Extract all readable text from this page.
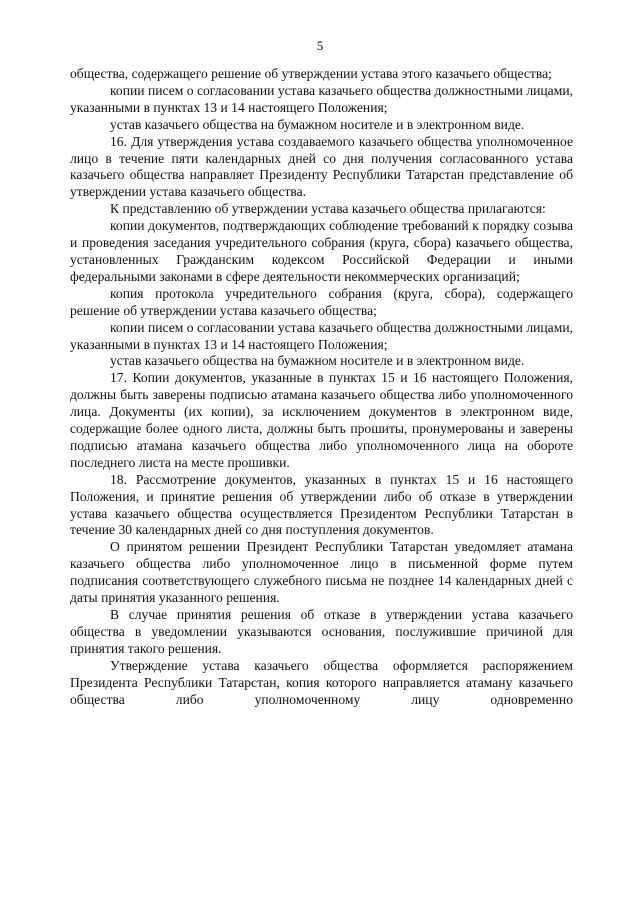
5

общества, содержащего решение об утверждении устава этого казачьего общества;

копии писем о согласовании устава казачьего общества должностными лицами, указанными в пунктах 13 и 14 настоящего Положения;

устав казачьего общества на бумажном носителе и в электронном виде.

16. Для утверждения устава создаваемого казачьего общества уполномоченное лицо в течение пяти календарных дней со дня получения согласованного устава казачьего общества направляет Президенту Республики Татарстан представление об утверждении устава казачьего общества.

К представлению об утверждении устава казачьего общества прилагаются:

копии документов, подтверждающих соблюдение требований к порядку созыва и проведения заседания учредительного собрания (круга, сбора) казачьего общества, установленных Гражданским кодексом Российской Федерации и иными федеральными законами в сфере деятельности некоммерческих организаций;

копия протокола учредительного собрания (круга, сбора), содержащего решение об утверждении устава казачьего общества;

копии писем о согласовании устава казачьего общества должностными лицами, указанными в пунктах 13 и 14 настоящего Положения;

устав казачьего общества на бумажном носителе и в электронном виде.

17. Копии документов, указанные в пунктах 15 и 16 настоящего Положения, должны быть заверены подписью атамана казачьего общества либо уполномоченного лица. Документы (их копии), за исключением документов в электронном виде, содержащие более одного листа, должны быть прошиты, пронумерованы и заверены подписью атамана казачьего общества либо уполномоченного лица на обороте последнего листа на месте прошивки.

18. Рассмотрение документов, указанных в пунктах 15 и 16 настоящего Положения, и принятие решения об утверждении либо об отказе в утверждении устава казачьего общества осуществляется Президентом Республики Татарстан в течение 30 календарных дней со дня поступления документов.

О принятом решении Президент Республики Татарстан уведомляет атамана казачьего общества либо уполномоченное лицо в письменной форме путем подписания соответствующего служебного письма не позднее 14 календарных дней с даты принятия указанного решения.

В случае принятия решения об отказе в утверждении устава казачьего общества в уведомлении указываются основания, послужившие причиной для принятия такого решения.

Утверждение устава казачьего общества оформляется распоряжением Президента Республики Татарстан, копия которого направляется атаману казачьего общества либо уполномоченному лицу одновременно
